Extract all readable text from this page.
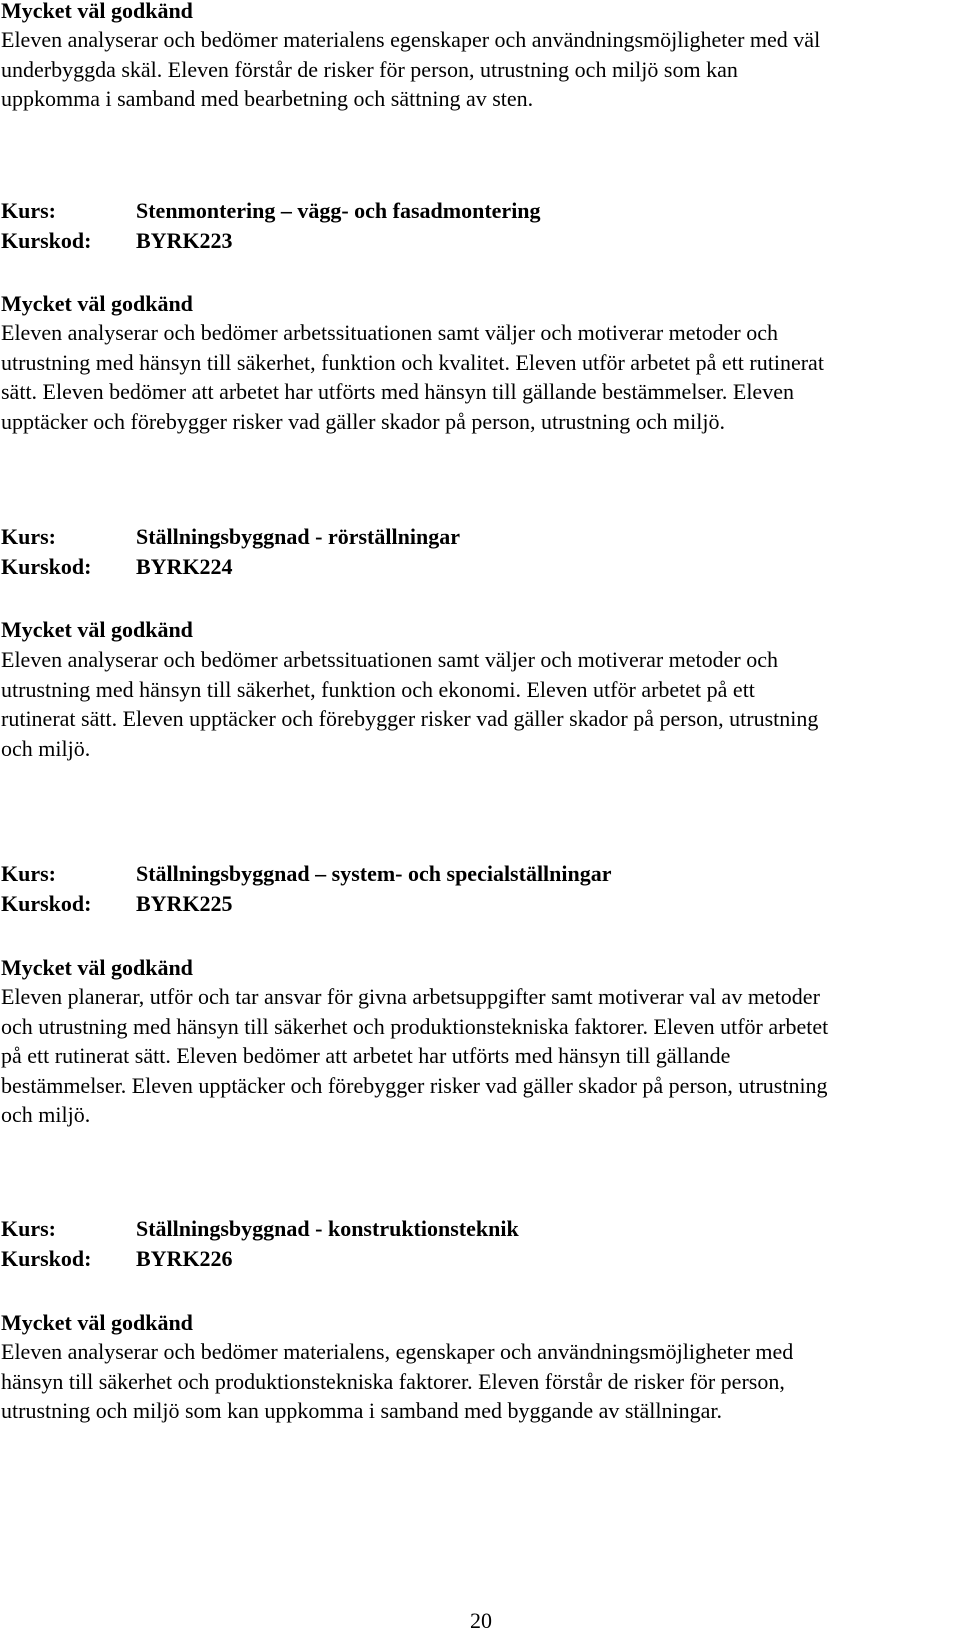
Mycket väl godkänd
Eleven analyserar och bedömer materialens egenskaper och användningsmöjligheter med väl
underbyggda skäl. Eleven förstår de risker för person, utrustning och miljö som kan
uppkomma i samband med bearbetning och sättning av sten.
Kurs:	Stenmontering – vägg- och fasadmontering
Kurskod:	BYRK223
Mycket väl godkänd
Eleven analyserar och bedömer arbetssituationen samt väljer och motiverar metoder och
utrustning med hänsyn till säkerhet, funktion och kvalitet. Eleven utför arbetet på ett rutinerat
sätt. Eleven bedömer att arbetet har utförts med hänsyn till gällande bestämmelser. Eleven
upptäcker och förebygger risker vad gäller skador på person, utrustning och miljö.
Kurs:	Ställningsbyggnad - rörställningar
Kurskod:	BYRK224
Mycket väl godkänd
Eleven analyserar och bedömer arbetssituationen samt väljer och motiverar metoder och
utrustning med hänsyn till säkerhet, funktion och ekonomi. Eleven utför arbetet på ett
rutinerat sätt. Eleven upptäcker och förebygger risker vad gäller skador på person, utrustning
och miljö.
Kurs:	Ställningsbyggnad – system- och specialställningar
Kurskod:	BYRK225
Mycket väl godkänd
Eleven planerar, utför och tar ansvar för givna arbetsuppgifter samt motiverar val av metoder
och utrustning med hänsyn till säkerhet och produktionstekniska faktorer. Eleven utför arbetet
på ett rutinerat sätt. Eleven bedömer att arbetet har utförts med hänsyn till gällande
bestämmelser. Eleven upptäcker och förebygger risker vad gäller skador på person, utrustning
och miljö.
Kurs:	Ställningsbyggnad - konstruktionsteknik
Kurskod:	BYRK226
Mycket väl godkänd
Eleven analyserar och bedömer materialens, egenskaper och användningsmöjligheter med
hänsyn till säkerhet och produktionstekniska faktorer. Eleven förstår de risker för person,
utrustning och miljö som kan uppkomma i samband med byggande av ställningar.
20
